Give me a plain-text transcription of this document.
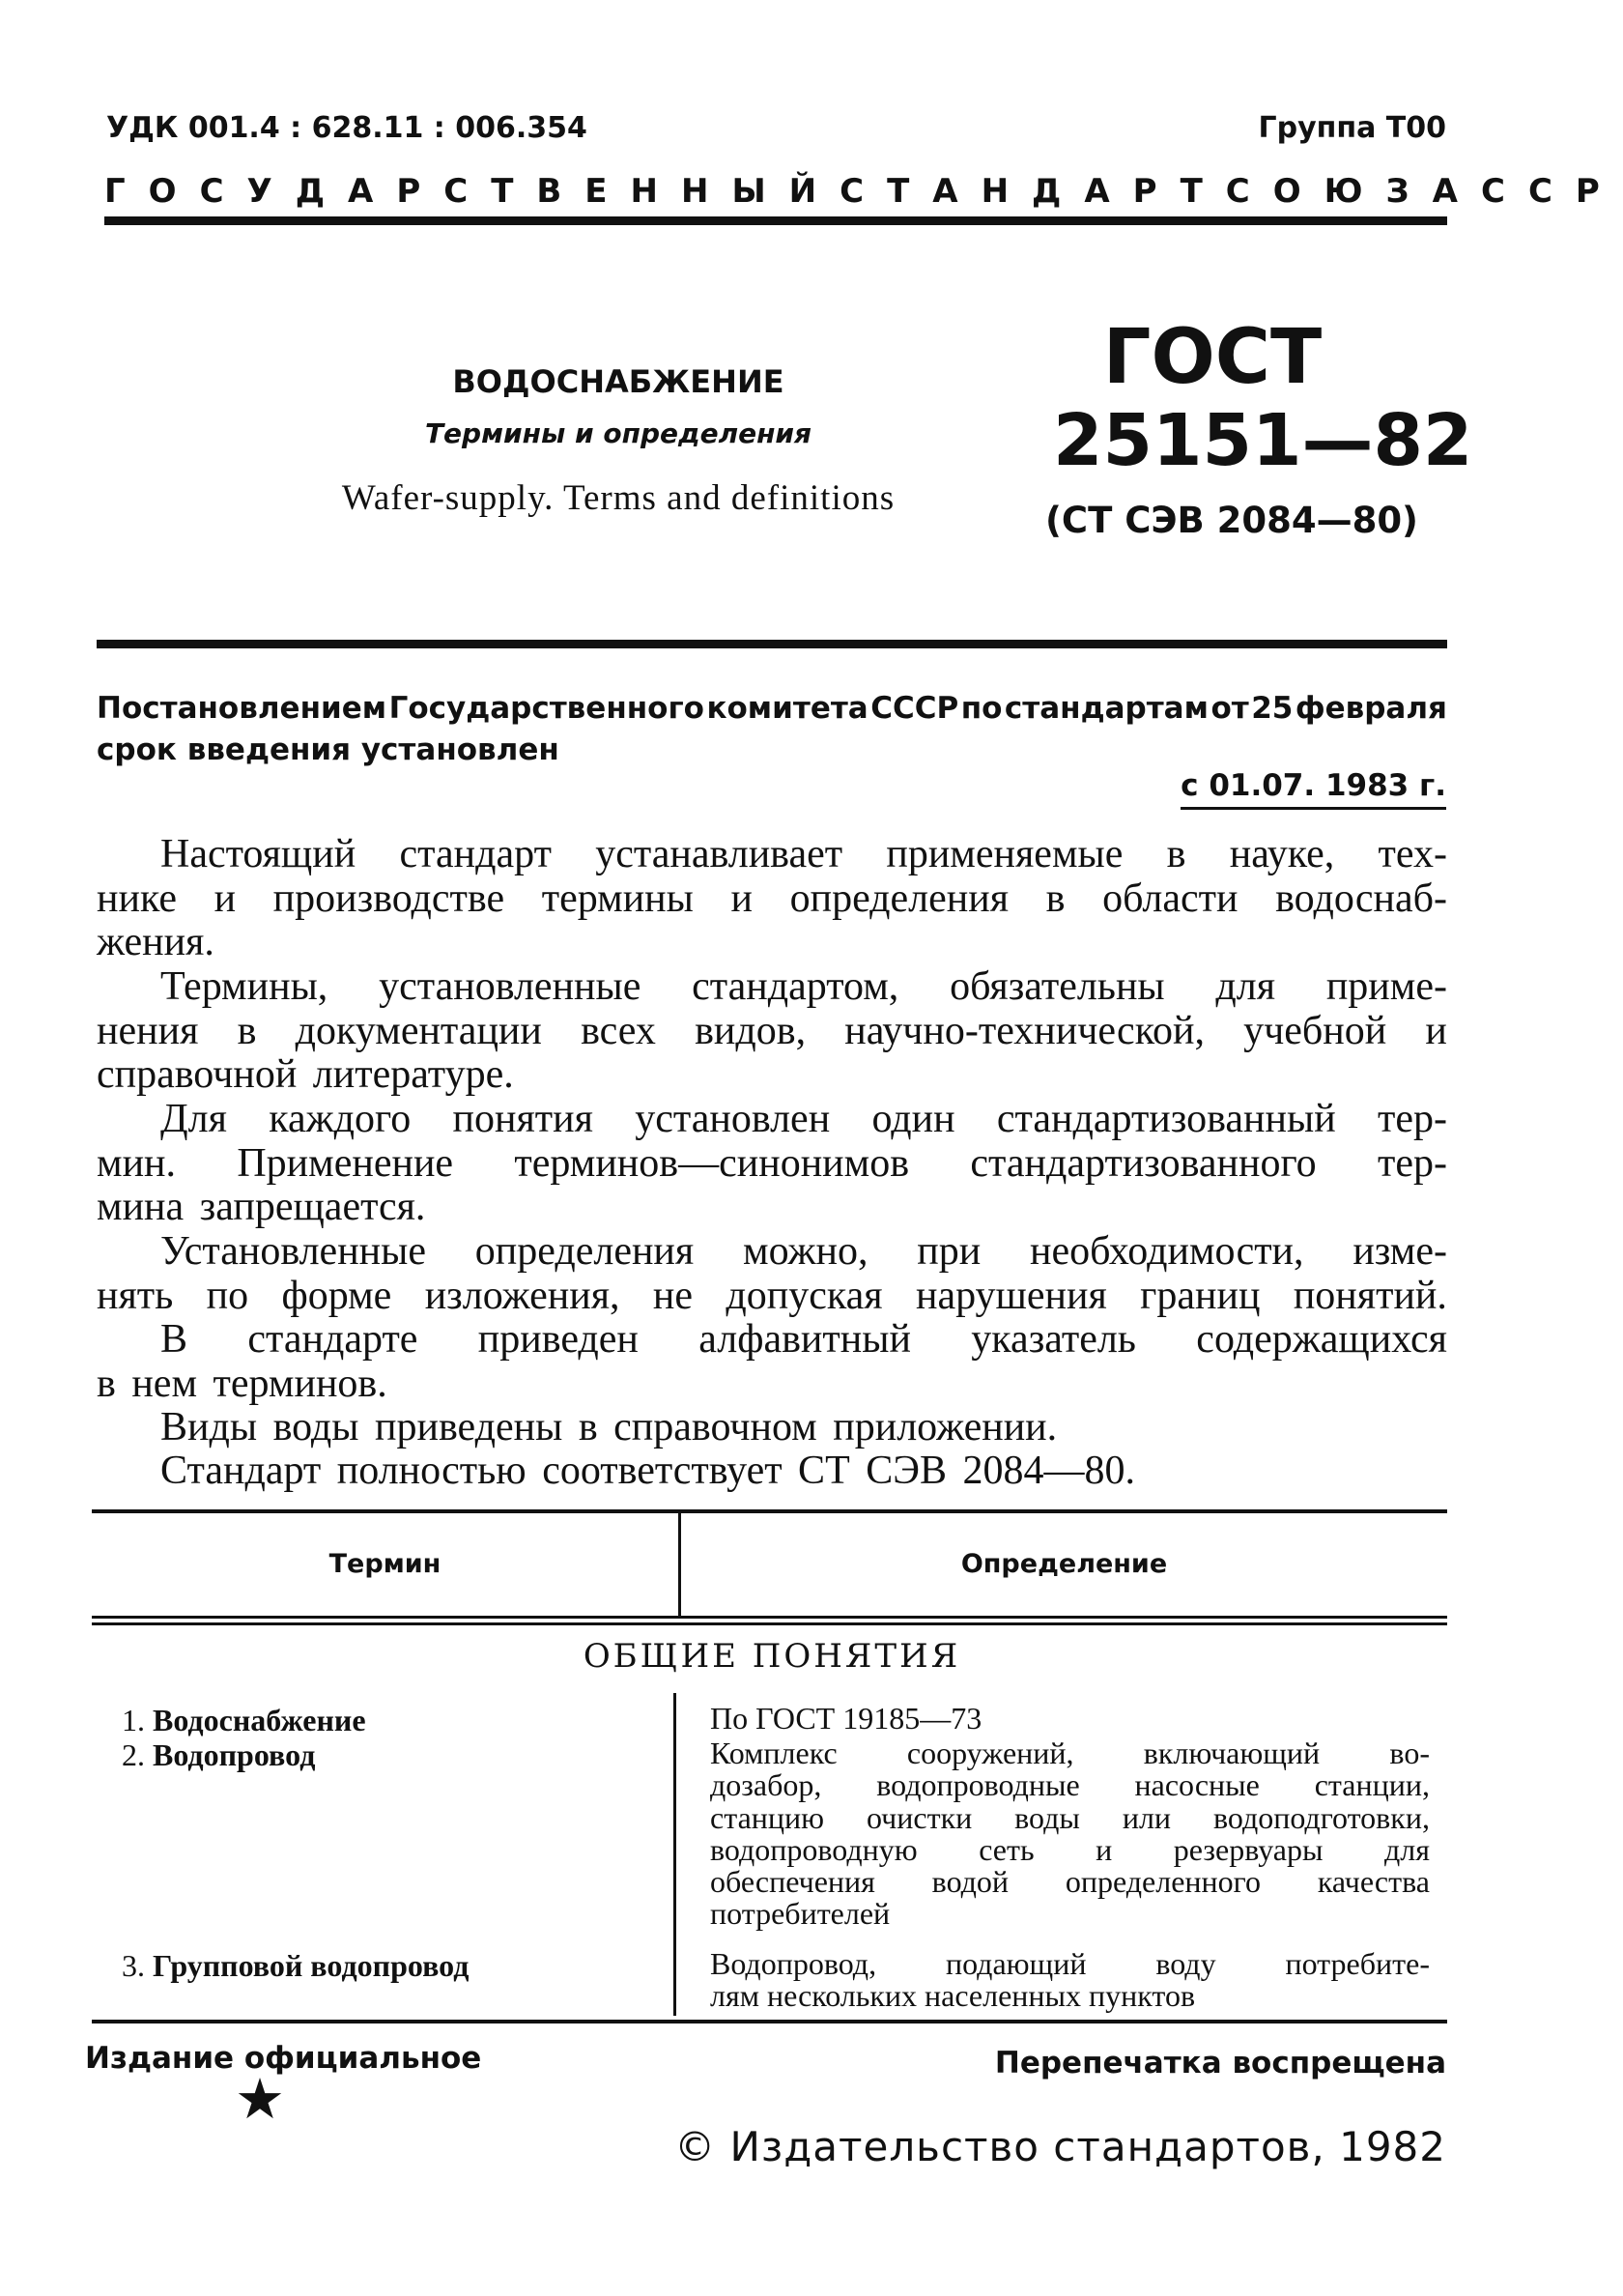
УДК 001.4 : 628.11 : 006.354	Группа Т00
ГОСУДАРСТВЕННЫЙ СТАНДАРТ СОЮЗА ССР
ВОДОСНАБЖЕНИЕ
Термины и определения
Wafer-supply. Terms and definitions
ГОСТ
25151—82
(СТ СЭВ 2084—80)
Постановлением Государственного комитета СССР по стандартам от 25 февраля
срок введения установлен
с 01.07. 1983 г.
Настоящий стандарт устанавливает применяемые в науке, тех-
нике и производстве термины и определения в области водоснаб-
жения.
Термины, установленные стандартом, обязательны для приме-
нения в документации всех видов, научно-технической, учебной и
справочной литературе.
Для каждого понятия установлен один стандартизованный тер-
мин. Применение терминов—синонимов стандартизованного тер-
мина запрещается.
Установленные определения можно, при необходимости, изме-
нять по форме изложения, не допуская нарушения границ понятий.
В стандарте приведен алфавитный указатель содержащихся
в нем терминов.
Виды воды приведены в справочном приложении.
Стандарт полностью соответствует СТ СЭВ 2084—80.
Термин	Определение
ОБЩИЕ ПОНЯТИЯ
1. Водоснабжение	По ГОСТ 19185—73
2. Водопровод	Комплекс сооружений, включающий во-
дозабор, водопроводные насосные станции,
станцию очистки воды или водоподготовки,
водопроводную сеть и резервуары для
обеспечения водой определенного качества
потребителей
3. Групповой водопровод	Водопровод, подающий воду потребите-
лям нескольких населенных пунктов
Издание официальное	Перепечатка воспрещена
★
© Издательство стандартов, 1982
